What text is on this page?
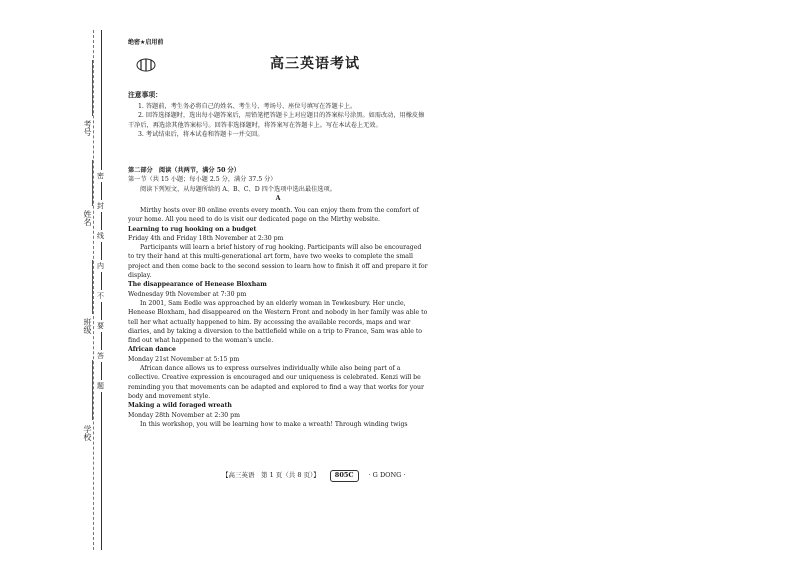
考号
姓名
班级
学校
密
封
线
内
不
要
答
题
绝密★启用前
高三英语考试
注意事项：

1. 答题前，考生务必将自己的姓名、考生号、考场号、座位号填写在答题卡上。

2. 回答选择题时，选出每小题答案后，用铅笔把答题卡上对应题目的答案标号涂黑。如需改动，用橡皮擦干净后，再选涂其他答案标号。回答非选择题时，将答案写在答题卡上。写在本试卷上无效。

3. 考试结束后，将本试卷和答题卡一并交回。

第二部分　阅读（共两节，满分 50 分）
第一节（共 15 小题；每小题 2.5 分，满分 37.5 分）
阅读下列短文，从每题所给的 A、B、C、D 四个选项中选出最佳选项。
A

Mirthy hosts over 80 online events every month. You can enjoy them from the comfort of your home. All you need to do is visit our dedicated page on the Mirthy website.

Learning to rug hooking on a budget

Friday 4th and Friday 18th November at 2:30 pm

Participants will learn a brief history of rug hooking. Participants will also be encouraged to try their hand at this multi-generational art form, have two weeks to complete the small project and then come back to the second session to learn how to finish it off and prepare it for display.

The disappearance of Henease Bloxham

Wednesday 9th November at 7:30 pm

In 2001, Sam Eedle was approached by an elderly woman in Tewkesbury. Her uncle, Henease Bloxham, had disappeared on the Western Front and nobody in her family was able to tell her what actually happened to him. By accessing the available records, maps and war diaries, and by taking a diversion to the battlefield while on a trip to France, Sam was able to find out what happened to the woman's uncle.

African dance

Monday 21st November at 5:15 pm

African dance allows us to express ourselves individually while also being part of a collective. Creative expression is encouraged and our uniqueness is celebrated. Kenzi will be reminding you that movements can be adapted and explored to find a way that works for your body and movement style.

Making a wild foraged wreath

Monday 28th November at 2:30 pm

In this workshop, you will be learning how to make a wreath! Through winding twigs

【高三英语　第 1 页（共 8 页）】	805C	· G DONG ·
